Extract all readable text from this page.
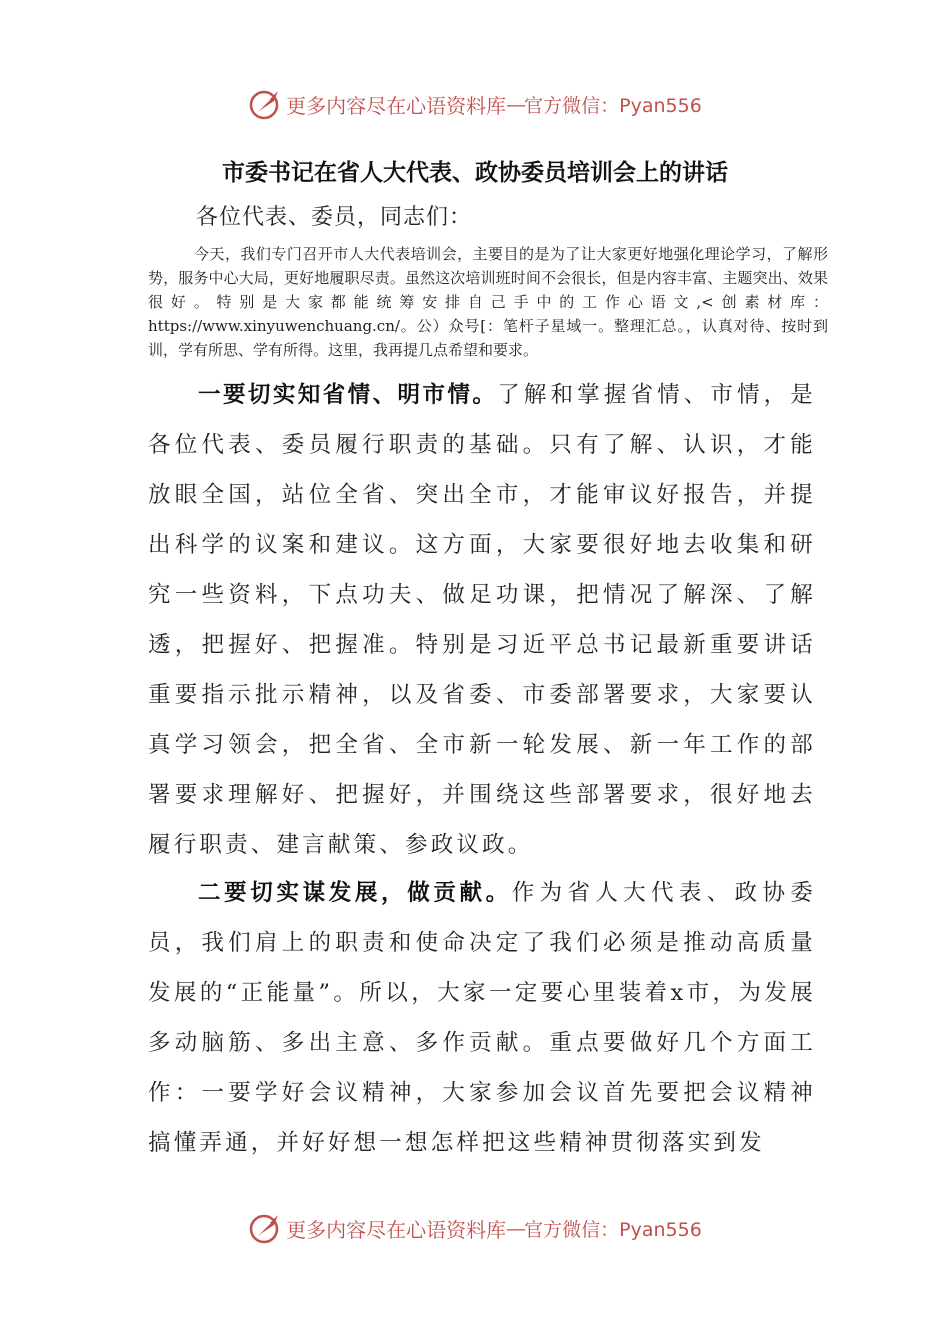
更多内容尽在心语资料库 — 官方微信：Pyan556
市委书记在省人大代表、政协委员培训会上的讲话
各位代表、委员，同志们：
今天，我们专门召开市人大代表培训会，主要目的是为了让大家更好地强化理论学习，了解形势，服务中心大局，更好地履职尽责。虽然这次培训班时间不会很长，但是内容丰富、主题突出、效果很好。特别是大家都能统筹安排自己手中的工作心语文,<创素材库：https://www.xinyuwenchuang.cn/。公）众号[：笔杆子星域一。整理汇总。，认真对待、按时到训，学有所思、学有所得。这里，我再提几点希望和要求。
一要切实知省情、明市情。了解和掌握省情、市情，是各位代表、委员履行职责的基础。只有了解、认识，才能放眼全国，站位全省、突出全市，才能审议好报告，并提出科学的议案和建议。这方面，大家要很好地去收集和研究一些资料，下点功夫、做足功课，把情况了解深、了解透，把握好、把握准。特别是习近平总书记最新重要讲话重要指示批示精神，以及省委、市委部署要求，大家要认真学习领会，把全省、全市新一轮发展、新一年工作的部署要求理解好、把握好，并围绕这些部署要求，很好地去履行职责、建言献策、参政议政。
二要切实谋发展，做贡献。作为省人大代表、政协委员，我们肩上的职责和使命决定了我们必须是推动高质量发展的“正能量”。所以，大家一定要心里装着x市，为发展多动脑筋、多出主意、多作贡献。重点要做好几个方面工作：一要学好会议精神，大家参加会议首先要把会议精神搞懂弄通，并好好想一想怎样把这些精神贯彻落实到发
更多内容尽在心语资料库 — 官方微信：Pyan556
